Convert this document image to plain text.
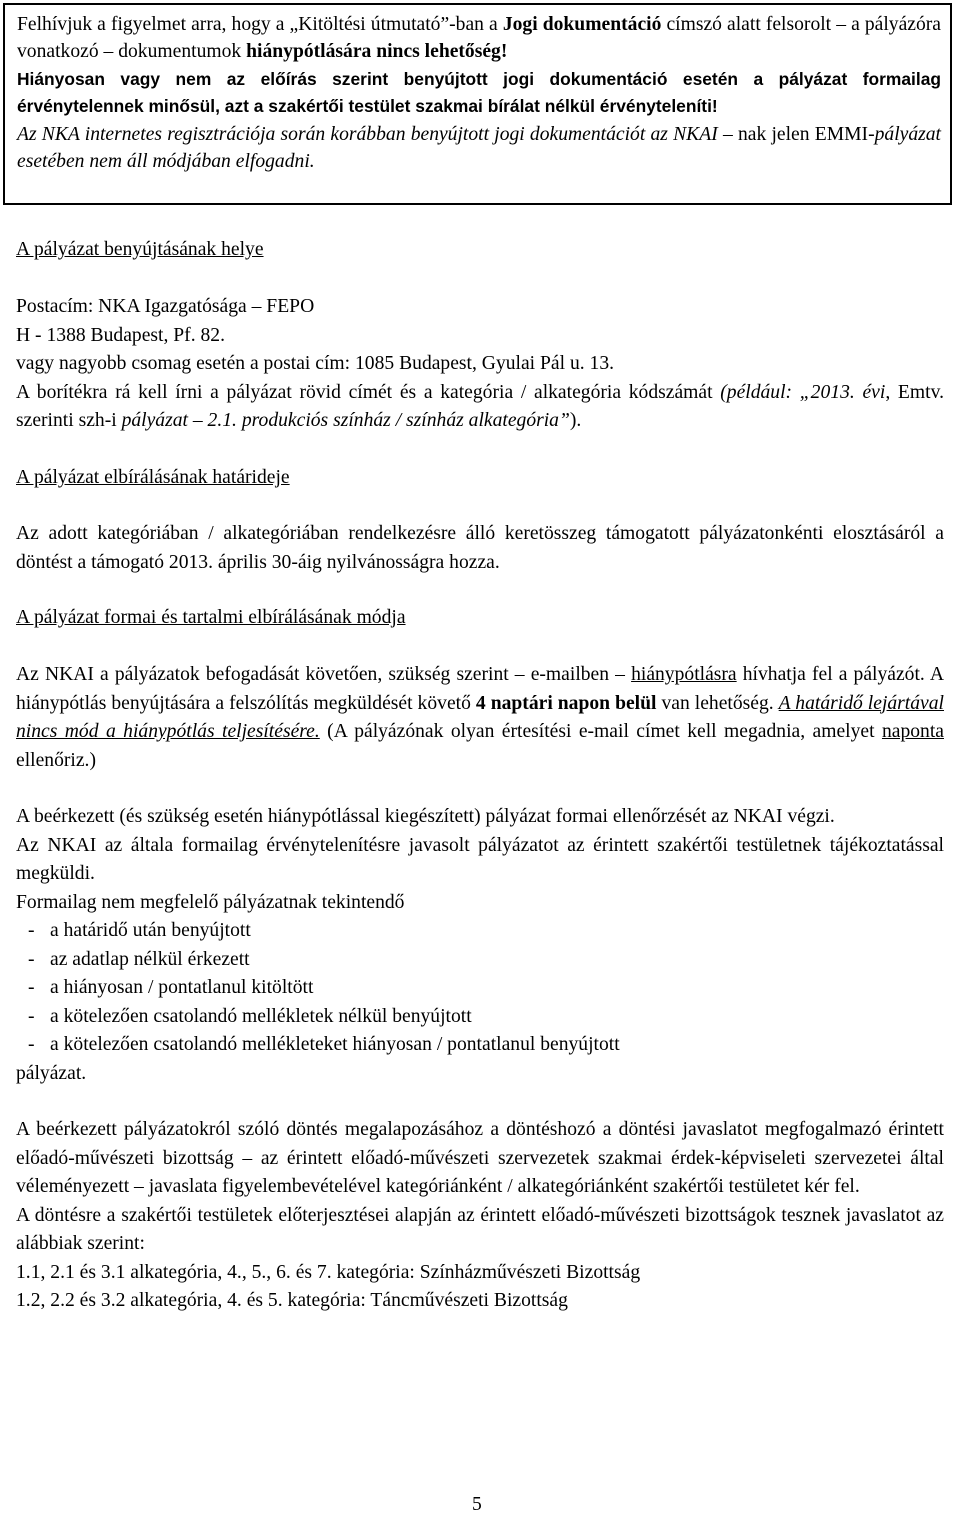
Felhívjuk a figyelmet arra, hogy a „Kitöltési útmutató”-ban a Jogi dokumentáció címszó alatt felsorolt – a pályázóra vonatkozó – dokumentumok hiánypótlására nincs lehetőség!

Hiányosan vagy nem az előírás szerint benyújtott jogi dokumentáció esetén a pályázat formailag érvénytelennek minősül, azt a szakértői testület szakmai bírálat nélkül érvényteleníti!

Az NKA internetes regisztrációja során korábban benyújtott jogi dokumentációt az NKAI – nak jelen EMMI-pályázat esetében nem áll módjában elfogadni.

A pályázat benyújtásának helye

Postacím: NKA Igazgatósága – FEPO

H - 1388 Budapest, Pf. 82.

vagy nagyobb csomag esetén a postai cím: 1085 Budapest, Gyulai Pál u. 13.

A borítékra rá kell írni a pályázat rövid címét és a kategória / alkategória kódszámát (például: „2013. évi, Emtv. szerinti szh-i pályázat – 2.1. produkciós színház / színház alkategória”).

A pályázat elbírálásának határideje

Az adott kategóriában / alkategóriában rendelkezésre álló keretösszeg támogatott pályázatonkénti elosztásáról a döntést a támogató 2013. április 30-áig nyilvánosságra hozza.

A pályázat formai és tartalmi elbírálásának módja

Az NKAI a pályázatok befogadását követően, szükség szerint – e-mailben – hiánypótlásra hívhatja fel a pályázót. A hiánypótlás benyújtására a felszólítás megküldését követő 4 naptári napon belül van lehetőség. A határidő lejártával nincs mód a hiánypótlás teljesítésére. (A pályázónak olyan értesítési e-mail címet kell megadnia, amelyet naponta ellenőriz.)

A beérkezett (és szükség esetén hiánypótlással kiegészített) pályázat formai ellenőrzését az NKAI végzi.

Az NKAI az általa formailag érvénytelenítésre javasolt pályázatot az érintett szakértői testületnek tájékoztatással megküldi.

Formailag nem megfelelő pályázatnak tekintendő

- a határidő után benyújtott
- az adatlap nélkül érkezett
- a hiányosan / pontatlanul kitöltött
- a kötelezően csatolandó mellékletek nélkül benyújtott
- a kötelezően csatolandó mellékleteket hiányosan / pontatlanul benyújtott

pályázat.

A beérkezett pályázatokról szóló döntés megalapozásához a döntéshozó a döntési javaslatot megfogalmazó érintett előadó-művészeti bizottság – az érintett előadó-művészeti szervezetek szakmai érdek-képviseleti szervezetei által véleményezett – javaslata figyelembevételével kategóriánként / alkategóriánként szakértői testületet kér fel.

A döntésre a szakértői testületek előterjesztései alapján az érintett előadó-művészeti bizottságok tesznek javaslatot az alábbiak szerint:

1.1, 2.1 és 3.1 alkategória, 4., 5., 6. és 7. kategória: Színházművészeti Bizottság

1.2, 2.2 és 3.2 alkategória, 4. és 5. kategória: Táncművészeti Bizottság

5
